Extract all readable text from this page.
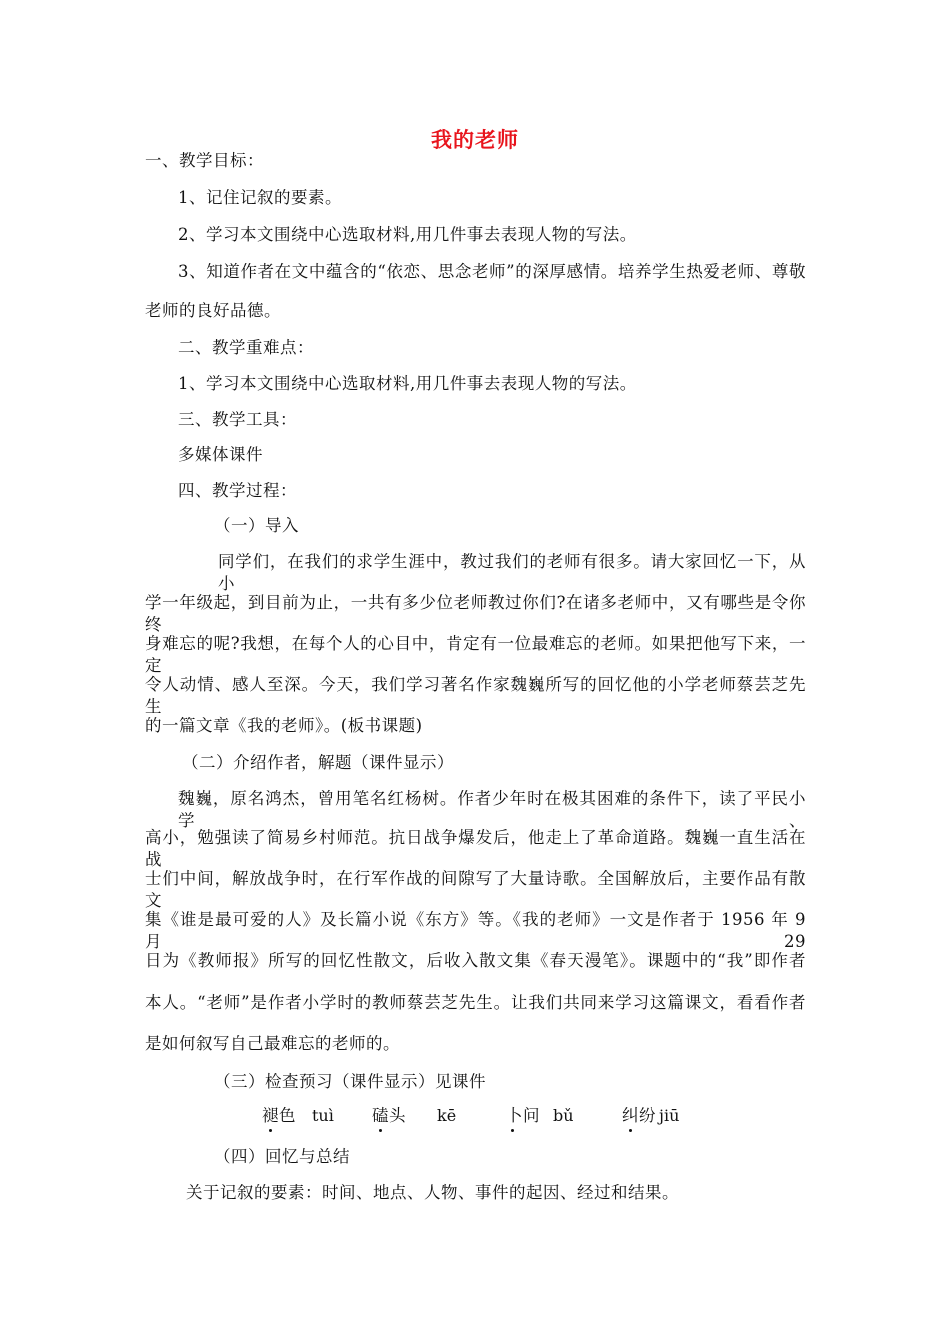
我的老师
一、教学目标：
1、记住记叙的要素。
2、学习本文围绕中心选取材料,用几件事去表现人物的写法。
3、知道作者在文中蕴含的“依恋、思念老师”的深厚感情。培养学生热爱老师、尊敬
老师的良好品德。
二、教学重难点：
1、学习本文围绕中心选取材料,用几件事去表现人物的写法。
三、教学工具：
多媒体课件
四、教学过程：
（一）导入
同学们，在我们的求学生涯中，教过我们的老师有很多。请大家回忆一下，从小
学一年级起，到目前为止，一共有多少位老师教过你们?在诸多老师中，又有哪些是令你终
身难忘的呢?我想，在每个人的心目中，肯定有一位最难忘的老师。如果把他写下来，一定
令人动情、感人至深。今天，我们学习著名作家魏巍所写的回忆他的小学老师蔡芸芝先生
的一篇文章《我的老师》。(板书课题)
（二）介绍作者，解题（课件显示）
魏巍，原名鸿杰，曾用笔名红杨树。作者少年时在极其困难的条件下，读了平民小学、
高小，勉强读了简易乡村师范。抗日战争爆发后，他走上了革命道路。魏巍一直生活在战
士们中间，解放战争时，在行军作战的间隙写了大量诗歌。全国解放后，主要作品有散文
集《谁是最可爱的人》及长篇小说《东方》等。《我的老师》一文是作者于 1956 年 9 月 29
日为《教师报》所写的回忆性散文，后收入散文集《春天漫笔》。课题中的“我”即作者
本人。“老师”是作者小学时的教师蔡芸芝先生。让我们共同来学习这篇课文，看看作者
是如何叙写自己最难忘的老师的。
（三）检查预习（课件显示）见课件
褪色 tuì 磕头 kē	卜问 bǔ	纠纷 jiū
（四）回忆与总结
关于记叙的要素：时间、地点、人物、事件的起因、经过和结果。
